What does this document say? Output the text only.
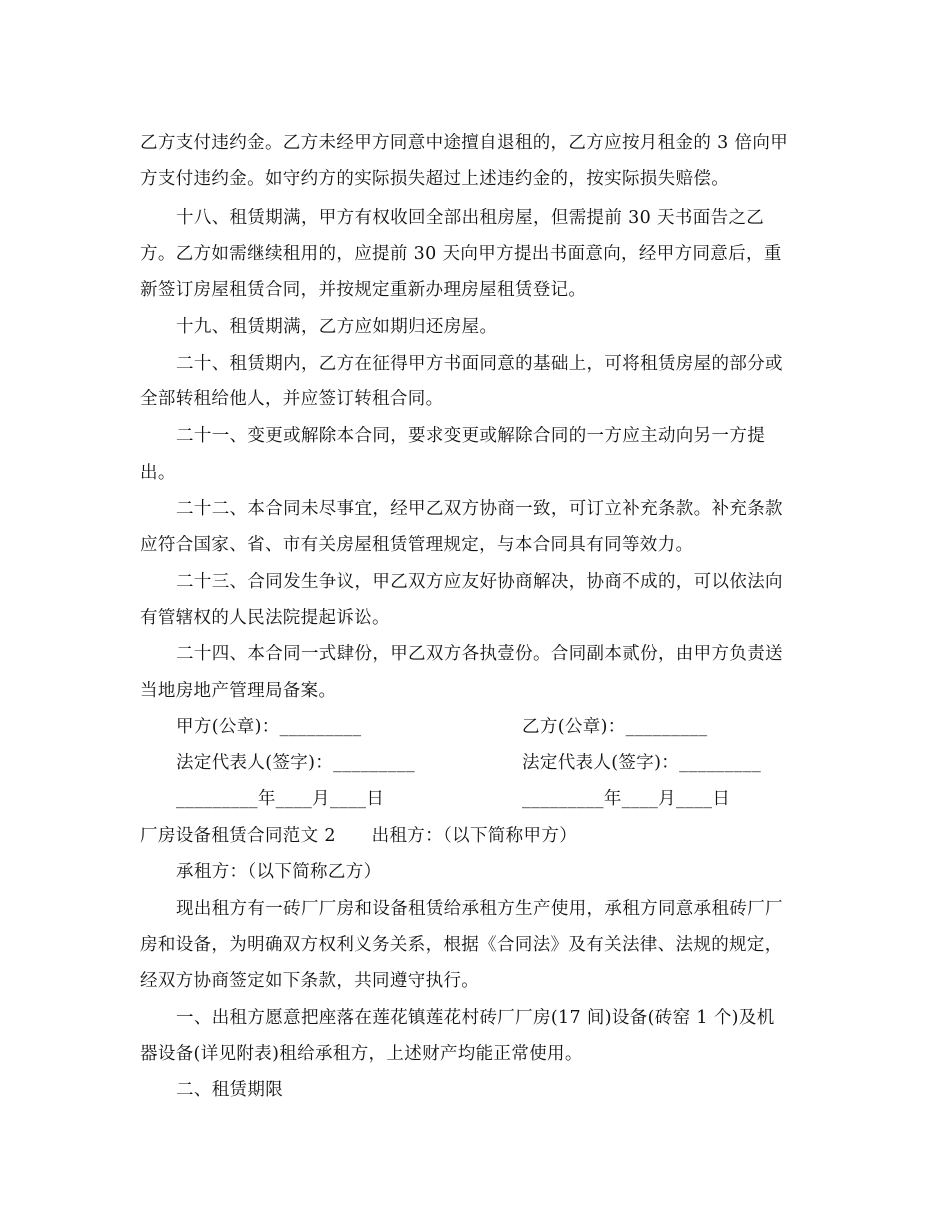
乙方支付违约金。乙方未经甲方同意中途擅自退租的，乙方应按月租金的 3 倍向甲
方支付违约金。如守约方的实际损失超过上述违约金的，按实际损失赔偿。
十八、租赁期满，甲方有权收回全部出租房屋，但需提前 30 天书面告之乙
方。乙方如需继续租用的，应提前 30 天向甲方提出书面意向，经甲方同意后，重
新签订房屋租赁合同，并按规定重新办理房屋租赁登记。
十九、租赁期满，乙方应如期归还房屋。
二十、租赁期内，乙方在征得甲方书面同意的基础上，可将租赁房屋的部分或
全部转租给他人，并应签订转租合同。
二十一、变更或解除本合同，要求变更或解除合同的一方应主动向另一方提
出。
二十二、本合同未尽事宜，经甲乙双方协商一致，可订立补充条款。补充条款
应符合国家、省、市有关房屋租赁管理规定，与本合同具有同等效力。
二十三、合同发生争议，甲乙双方应友好协商解决，协商不成的，可以依法向
有管辖权的人民法院提起诉讼。
二十四、本合同一式肆份，甲乙双方各执壹份。合同副本贰份，由甲方负责送
当地房地产管理局备案。
甲方(公章)：_________	乙方(公章)：_________
法定代表人(签字)：_________	法定代表人(签字)：_________
_________年____月____日	_________年____月____日
厂房设备租赁合同范文 2　　出租方：（以下简称甲方）
承租方：（以下简称乙方）
现出租方有一砖厂厂房和设备租赁给承租方生产使用，承租方同意承租砖厂厂
房和设备，为明确双方权利义务关系，根据《合同法》及有关法律、法规的规定，
经双方协商签定如下条款，共同遵守执行。
一、出租方愿意把座落在莲花镇莲花村砖厂厂房(17 间)设备(砖窑 1 个)及机
器设备(详见附表)租给承租方，上述财产均能正常使用。
二、租赁期限
